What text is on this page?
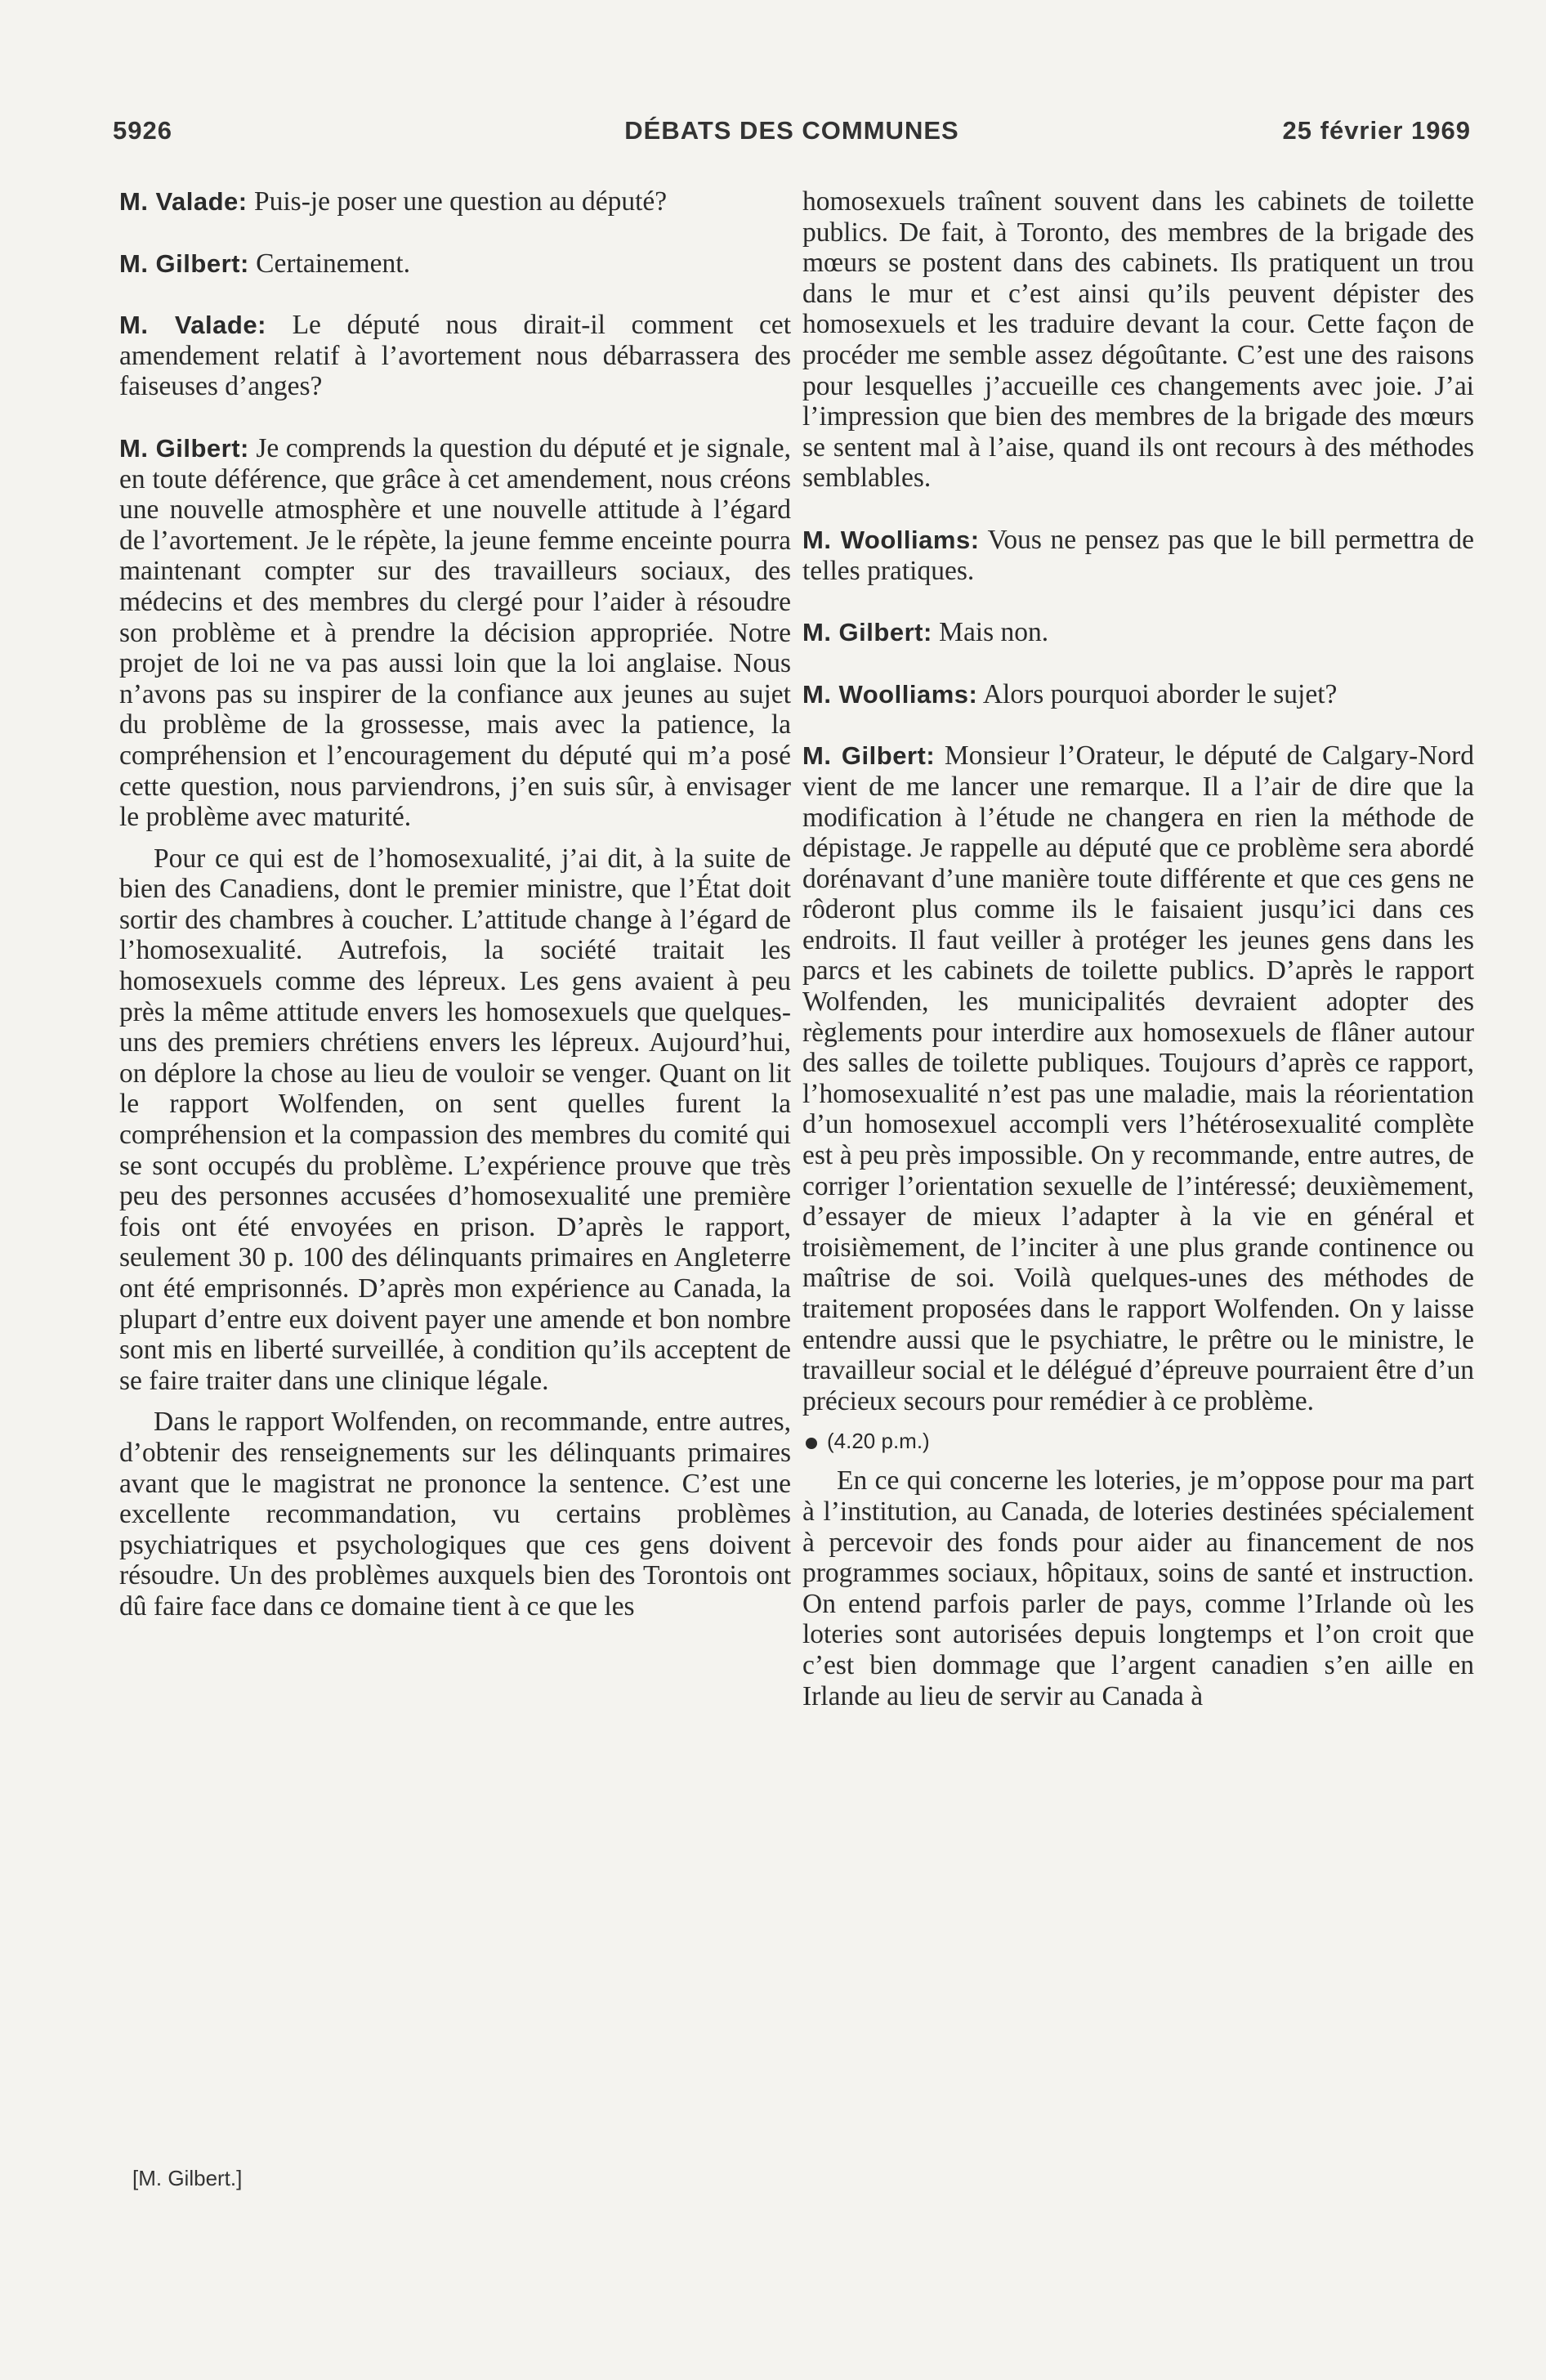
5926	DÉBATS DES COMMUNES	25 février 1969

M. Valade: Puis-je poser une question au député?

M. Gilbert: Certainement.

M. Valade: Le député nous dirait-il comment cet amendement relatif à l’avortement nous débarrassera des faiseuses d’anges?

M. Gilbert: Je comprends la question du député et je signale, en toute déférence, que grâce à cet amendement, nous créons une nouvelle atmosphère et une nouvelle attitude à l’égard de l’avortement. Je le répète, la jeune femme enceinte pourra maintenant compter sur des travailleurs sociaux, des médecins et des membres du clergé pour l’aider à résoudre son problème et à prendre la décision appropriée. Notre projet de loi ne va pas aussi loin que la loi anglaise. Nous n’avons pas su inspirer de la confiance aux jeunes au sujet du problème de la grossesse, mais avec la patience, la compréhension et l’encouragement du député qui m’a posé cette question, nous parviendrons, j’en suis sûr, à envisager le problème avec maturité.

Pour ce qui est de l’homosexualité, j’ai dit, à la suite de bien des Canadiens, dont le premier ministre, que l’État doit sortir des chambres à coucher. L’attitude change à l’égard de l’homosexualité. Autrefois, la société traitait les homosexuels comme des lépreux. Les gens avaient à peu près la même attitude envers les homosexuels que quelques-uns des premiers chrétiens envers les lépreux. Aujourd’hui, on déplore la chose au lieu de vouloir se venger. Quant on lit le rapport Wolfenden, on sent quelles furent la compréhension et la compassion des membres du comité qui se sont occupés du problème. L’expérience prouve que très peu des personnes accusées d’homosexualité une première fois ont été envoyées en prison. D’après le rapport, seulement 30 p. 100 des délinquants primaires en Angleterre ont été emprisonnés. D’après mon expérience au Canada, la plupart d’entre eux doivent payer une amende et bon nombre sont mis en liberté surveillée, à condition qu’ils acceptent de se faire traiter dans une clinique légale.

Dans le rapport Wolfenden, on recommande, entre autres, d’obtenir des renseignements sur les délinquants primaires avant que le magistrat ne prononce la sentence. C’est une excellente recommandation, vu certains problèmes psychiatriques et psychologiques que ces gens doivent résoudre. Un des problèmes auxquels bien des Torontois ont dû faire face dans ce domaine tient à ce que les

homosexuels traînent souvent dans les cabinets de toilette publics. De fait, à Toronto, des membres de la brigade des mœurs se postent dans des cabinets. Ils pratiquent un trou dans le mur et c’est ainsi qu’ils peuvent dépister des homosexuels et les traduire devant la cour. Cette façon de procéder me semble assez dégoûtante. C’est une des raisons pour lesquelles j’accueille ces changements avec joie. J’ai l’impression que bien des membres de la brigade des mœurs se sentent mal à l’aise, quand ils ont recours à des méthodes semblables.

M. Woolliams: Vous ne pensez pas que le bill permettra de telles pratiques.

M. Gilbert: Mais non.

M. Woolliams: Alors pourquoi aborder le sujet?

M. Gilbert: Monsieur l’Orateur, le député de Calgary-Nord vient de me lancer une remarque. Il a l’air de dire que la modification à l’étude ne changera en rien la méthode de dépistage. Je rappelle au député que ce problème sera abordé dorénavant d’une manière toute différente et que ces gens ne rôderont plus comme ils le faisaient jusqu’ici dans ces endroits. Il faut veiller à protéger les jeunes gens dans les parcs et les cabinets de toilette publics. D’après le rapport Wolfenden, les municipalités devraient adopter des règlements pour interdire aux homosexuels de flâner autour des salles de toilette publiques. Toujours d’après ce rapport, l’homosexualité n’est pas une maladie, mais la réorientation d’un homosexuel accompli vers l’hétérosexualité complète est à peu près impossible. On y recommande, entre autres, de corriger l’orientation sexuelle de l’intéressé; deuxièmement, d’essayer de mieux l’adapter à la vie en général et troisièmement, de l’inciter à une plus grande continence ou maîtrise de soi. Voilà quelques-unes des méthodes de traitement proposées dans le rapport Wolfenden. On y laisse entendre aussi que le psychiatre, le prêtre ou le ministre, le travailleur social et le délégué d’épreuve pourraient être d’un précieux secours pour remédier à ce problème.

(4.20 p.m.)

En ce qui concerne les loteries, je m’oppose pour ma part à l’institution, au Canada, de loteries destinées spécialement à percevoir des fonds pour aider au financement de nos programmes sociaux, hôpitaux, soins de santé et instruction. On entend parfois parler de pays, comme l’Irlande où les loteries sont autorisées depuis longtemps et l’on croit que c’est bien dommage que l’argent canadien s’en aille en Irlande au lieu de servir au Canada à

[M. Gilbert.]
